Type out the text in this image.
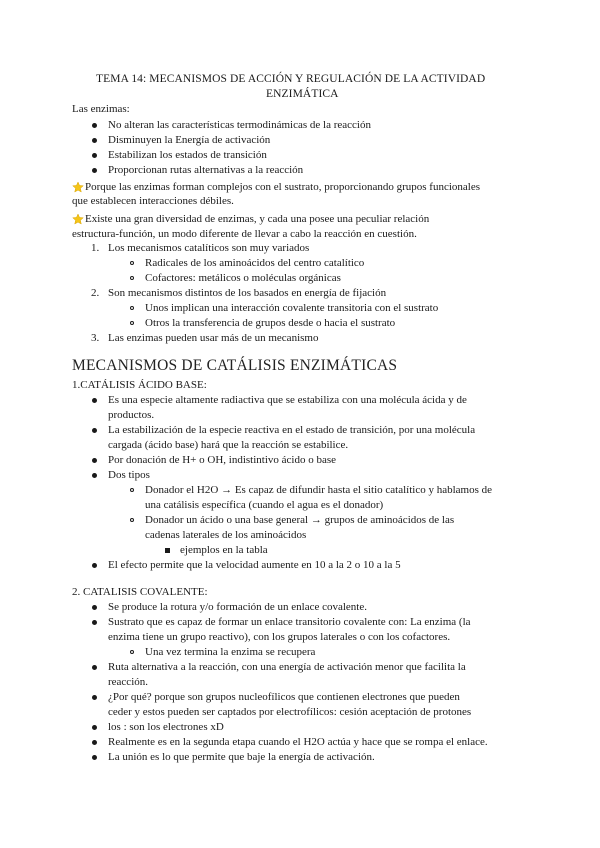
TEMA 14: MECANISMOS DE ACCIÓN Y REGULACIÓN DE LA ACTIVIDAD
ENZIMÁTICA
Las enzimas:
No alteran las características termodinámicas de la reacción
Disminuyen la Energía de activación
Estabilizan los estados de transición
Proporcionan rutas alternativas a la reacción
Porque las enzimas forman complejos con el sustrato, proporcionando grupos funcionales
que establecen interacciones débiles.
Existe una gran diversidad de enzimas, y cada una posee una peculiar relación
estructura-función, un modo diferente de llevar a cabo la reacción en cuestión.
1. Los mecanismos catalíticos son muy variados
Radicales de los aminoácidos del centro catalítico
Cofactores: metálicos o moléculas orgánicas
2. Son mecanismos distintos de los basados en energía de fijación
Unos implican una interacción covalente transitoria con el sustrato
Otros la transferencia de grupos desde o hacia el sustrato
3. Las enzimas pueden usar más de un mecanismo
MECANISMOS DE CATÁLISIS ENZIMÁTICAS
1.CATÁLISIS ÁCIDO BASE:
Es una especie altamente radiactiva que se estabiliza con una molécula ácida y de
productos.
La estabilización de la especie reactiva en el estado de transición, por una molécula
cargada (ácido base) hará que la reacción se estabilice.
Por donación de H+ o OH, indistintivo ácido o base
Dos tipos
Donador el H2O → Es capaz de difundir hasta el sitio catalítico y hablamos de
una catálisis específica (cuando el agua es el donador)
Donador un ácido o una base general → grupos de aminoácidos de las
cadenas laterales de los aminoácidos
ejemplos en la tabla
El efecto permite que la velocidad aumente en 10 a la 2 o 10 a la 5
2. CATALISIS COVALENTE:
Se produce la rotura y/o formación de un enlace covalente.
Sustrato que es capaz de formar un enlace transitorio covalente con: La enzima (la
enzima tiene un grupo reactivo), con los grupos laterales o con los cofactores.
Una vez termina la enzima se recupera
Ruta alternativa a la reacción, con una energía de activación menor que facilita la
reacción.
¿Por qué? porque son grupos nucleofílicos que contienen electrones que pueden
ceder y estos pueden ser captados por electrofílicos: cesión aceptación de protones
los : son los electrones xD
Realmente es en la segunda etapa cuando el H2O actúa y hace que se rompa el enlace.
La unión es lo que permite que baje la energía de activación.
